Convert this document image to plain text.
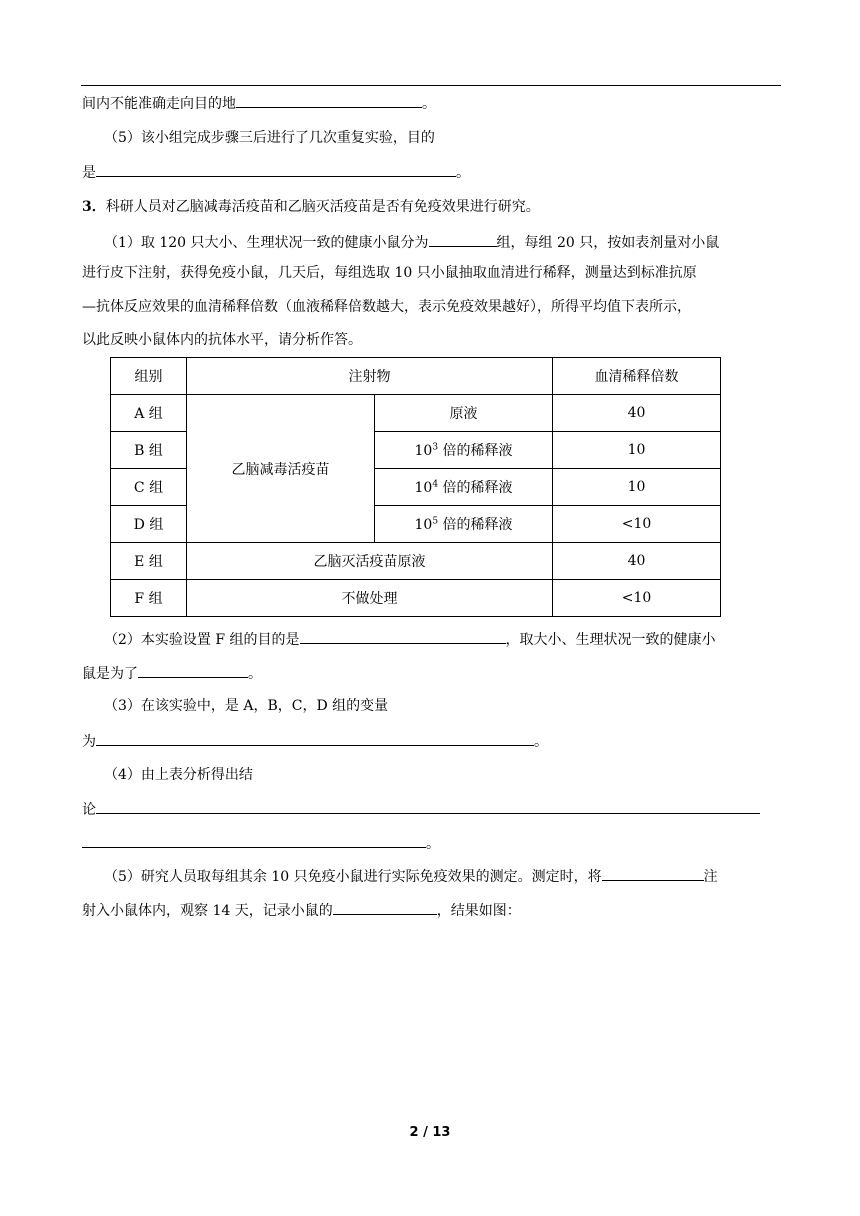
间内不能准确走向目的地	。
（5）该小组完成步骤三后进行了几次重复实验，目的
是	。
3．科研人员对乙脑减毒活疫苗和乙脑灭活疫苗是否有免疫效果进行研究。
（1）取 120 只大小、生理状况一致的健康小鼠分为	组，每组 20 只，按如表剂量对小鼠
进行皮下注射，获得免疫小鼠，几天后，每组选取 10 只小鼠抽取血清进行稀释，测量达到标准抗原
—抗体反应效果的血清稀释倍数（血液稀释倍数越大，表示免疫效果越好），所得平均值下表所示，
以此反映小鼠体内的抗体水平，请分析作答。
组别	注射物		血清稀释倍数
A 组	乙脑减毒活疫苗	原液	40
B 组		$10^3$ 倍的稀释液	10
C 组		$10^4$ 倍的稀释液	10
D 组		$10^5$ 倍的稀释液	<10
E 组	乙脑灭活疫苗原液		40
F 组	不做处理		<10
（2）本实验设置 F 组的目的是	，取大小、生理状况一致的健康小
鼠是为了	。
（3）在该实验中，是 A，B，C，D 组的变量
为	。
（4）由上表分析得出结
论
。
（5）研究人员取每组其余 10 只免疫小鼠进行实际免疫效果的测定。测定时，将	注
射入小鼠体内，观察 14 天，记录小鼠的	，结果如图：
2 / 13
